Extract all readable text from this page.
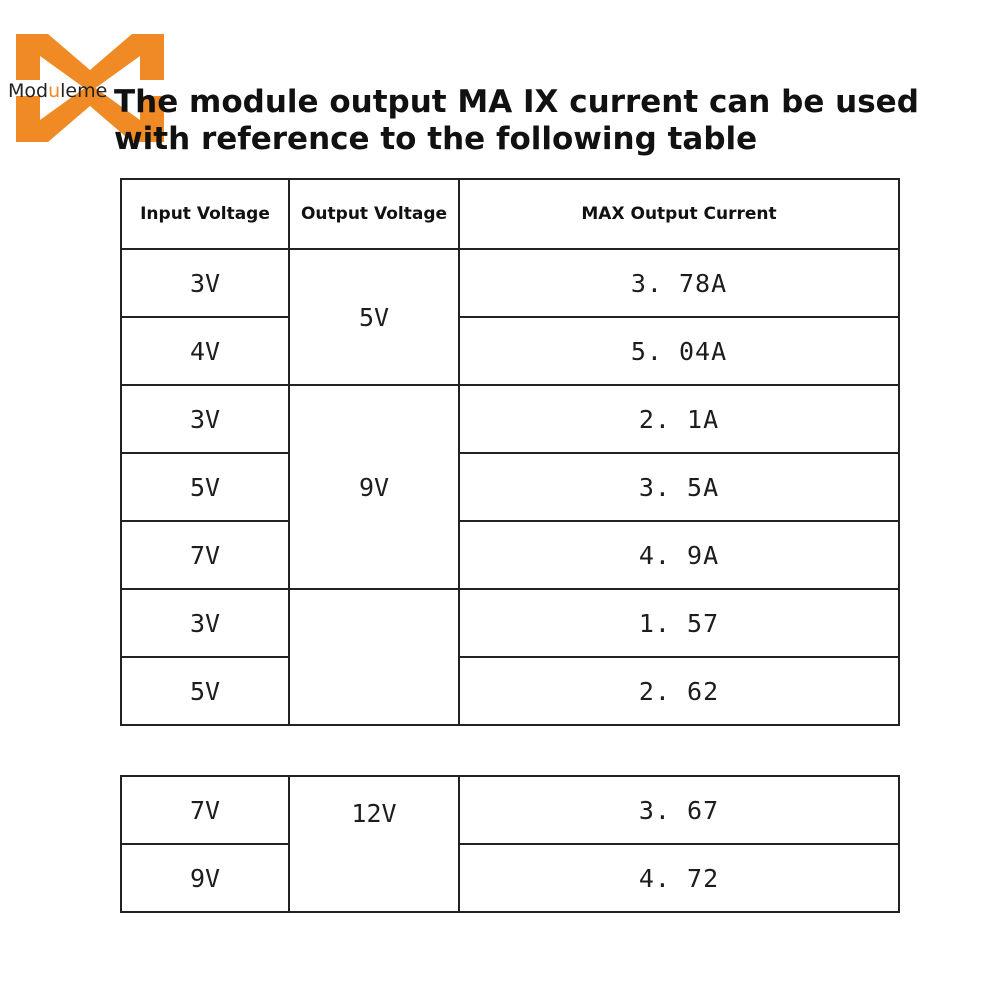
Moduleme The module output MA IX current can be used
with reference to the following table
Input Voltage	Output Voltage	MAX Output Current
3V	5V	3. 78A
4V		5. 04A
3V	9V	2. 1A
5V		3. 5A
7V		4. 9A
3V		1. 57
5V		2. 62
7V	12V	3. 67
9V		4. 72
